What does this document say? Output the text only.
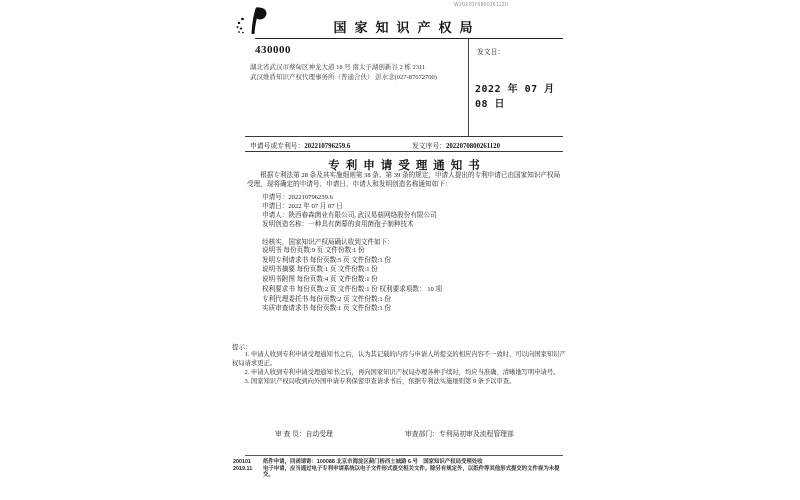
W2022070800261120
国家知识产权局
430000
湖北省武汉市蔡甸区神龙大道 18 号 南太子湖创新谷 2 栋 2311
武汉维盾知识产权代理事务所（普通合伙） 彭水念(027-87672700)
发文日：
2022 年 07 月 08 日
申请号或专利号：202210796259.6	发文序号：2022070800261120
专利申请受理通知书
根据专利法第 28 条及其实施细则第 38 条、第 39 条的规定，申请人提出的专利申请已由国家知识产权局受理，现将确定的申请号、申请日、申请人和发明创造名称通知如下：
申请号：202210796259.6
申请日：2022 年 07 月 07 日
申请人：陕西春森菌业有限公司, 武汉易菇网络股份有限公司
发明创造名称：一种具有菌幕的食用菌孢子制种技术
经核实，国家知识产权局确认收到文件如下：
说明书 每份页数:9 页 文件份数:1 份
发明专利请求书 每份页数:5 页 文件份数:1 份
说明书摘要 每份页数:1 页 文件份数:1 份
说明书附图 每份页数:4 页 文件份数:1 份
权利要求书 每份页数:2 页 文件份数:1 份 权利要求项数： 10 项
专利代理委托书 每份页数:2 页 文件份数:1 份
实质审查请求书 每份页数:1 页 文件份数:1 份
提示：
1. 申请人收到专利申请受理通知书之后，认为其记载的内容与申请人所提交的相应内容不一致时，可以向国家知识产权局请求更正。
2. 申请人收到专利申请受理通知书之后，再向国家知识产权局办理各种手续时，均应当准确、清晰地写明申请号。
3. 国家知识产权局收到向外国申请专利保密审查请求书后，依据专利法实施细则第 9 条予以审查。
审 查 员：自动受理	审查部门：专利局初审及流程管理部
200101	纸件申请，回函请寄：100088 北京市海淀区蓟门桥西土城路 6 号　国家知识产权局受理处收
2019.11	电子申请，应当通过电子专利申请系统以电子文件形式提交相关文件。除另有规定外，以纸件等其他形式提交的文件视为未提交。
